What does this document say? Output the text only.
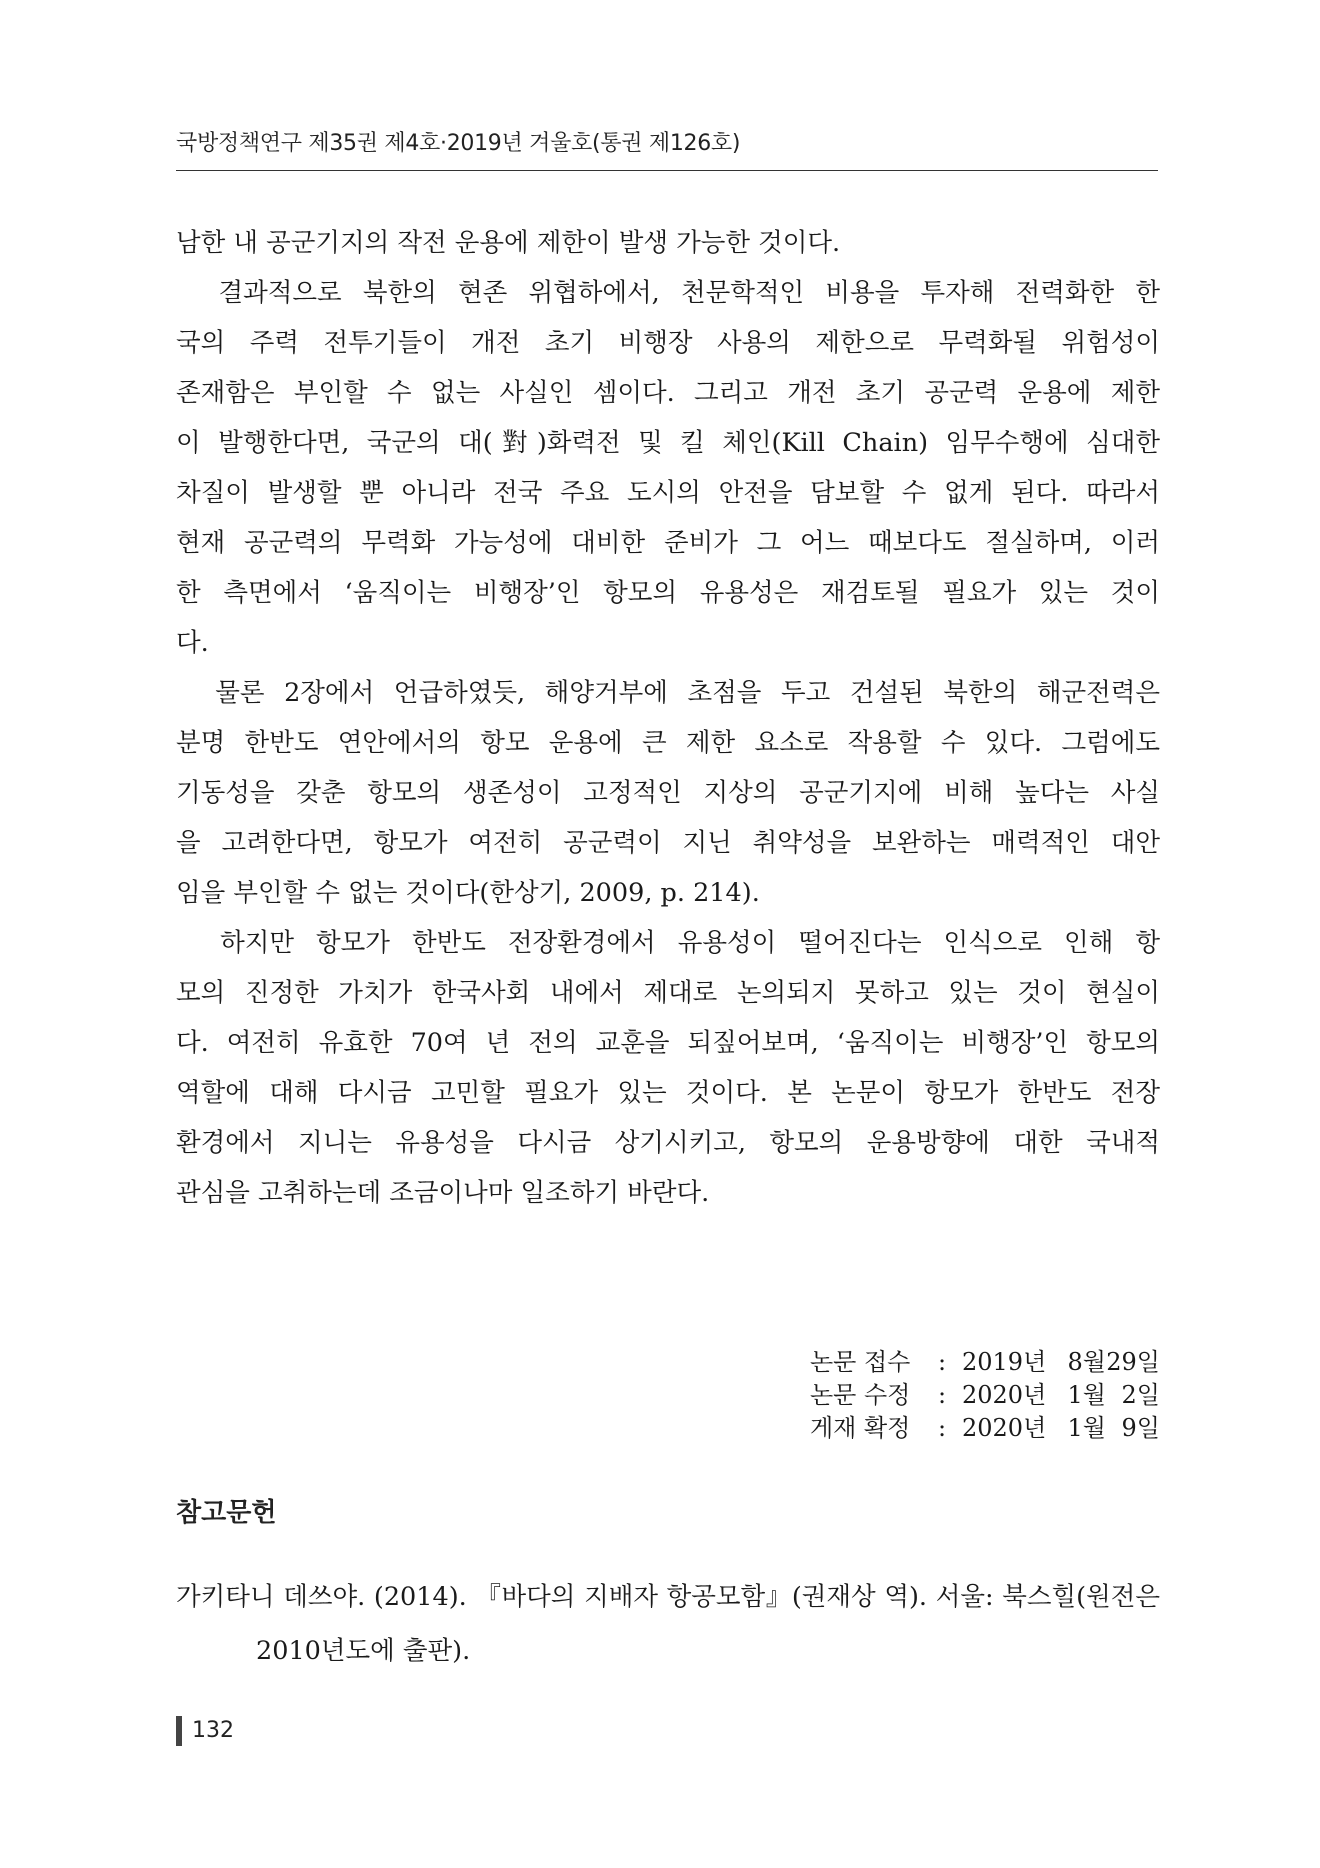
국방정책연구 제35권 제4호·2019년 겨울호(통권 제126호)
남한 내 공군기지의 작전 운용에 제한이 발생 가능한 것이다.
결과적으로 북한의 현존 위협하에서, 천문학적인 비용을 투자해 전력화한 한
국의 주력 전투기들이 개전 초기 비행장 사용의 제한으로 무력화될 위험성이
존재함은 부인할 수 없는 사실인 셈이다. 그리고 개전 초기 공군력 운용에 제한
이 발행한다면, 국군의 대(對)화력전 및 킬 체인(Kill Chain) 임무수행에 심대한
차질이 발생할 뿐 아니라 전국 주요 도시의 안전을 담보할 수 없게 된다. 따라서
현재 공군력의 무력화 가능성에 대비한 준비가 그 어느 때보다도 절실하며, 이러
한 측면에서 ‘움직이는 비행장’인 항모의 유용성은 재검토될 필요가 있는 것이
다.
물론 2장에서 언급하였듯, 해양거부에 초점을 두고 건설된 북한의 해군전력은
분명 한반도 연안에서의 항모 운용에 큰 제한 요소로 작용할 수 있다. 그럼에도
기동성을 갖춘 항모의 생존성이 고정적인 지상의 공군기지에 비해 높다는 사실
을 고려한다면, 항모가 여전히 공군력이 지닌 취약성을 보완하는 매력적인 대안
임을 부인할 수 없는 것이다(한상기, 2009, p. 214).
하지만 항모가 한반도 전장환경에서 유용성이 떨어진다는 인식으로 인해 항
모의 진정한 가치가 한국사회 내에서 제대로 논의되지 못하고 있는 것이 현실이
다. 여전히 유효한 70여 년 전의 교훈을 되짚어보며, ‘움직이는 비행장’인 항모의
역할에 대해 다시금 고민할 필요가 있는 것이다. 본 논문이 항모가 한반도 전장
환경에서 지니는 유용성을 다시금 상기시키고, 항모의 운용방향에 대한 국내적
관심을 고취하는데 조금이나마 일조하기 바란다.
논문 접수	: 2019년 8월 29일
논문 수정	: 2020년 1월 2일
게재 확정	: 2020년 1월 9일
참고문헌
가키타니 데쓰야. (2014). 『바다의 지배자 항공모함』(권재상 역). 서울: 북스힐(원전은
2010년도에 출판).
132
